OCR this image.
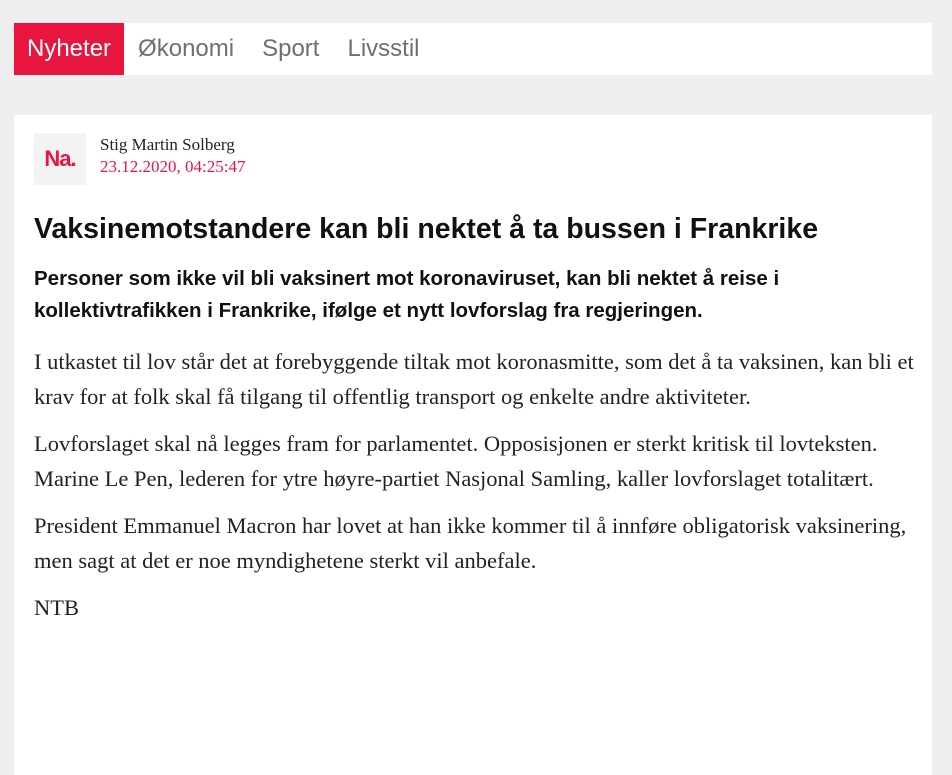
Nyheter	Økonomi	Sport	Livsstil
Na.
Stig Martin Solberg
23.12.2020, 04:25:47
Vaksinemotstandere kan bli nektet å ta bussen i Frankrike

Personer som ikke vil bli vaksinert mot koronaviruset, kan bli nektet å reise i kollektivtrafikken i Frankrike, ifølge et nytt lovforslag fra regjeringen.

I utkastet til lov står det at forebyggende tiltak mot koronasmitte, som det å ta vaksinen, kan bli et krav for at folk skal få tilgang til offentlig transport og enkelte andre aktiviteter.

Lovforslaget skal nå legges fram for parlamentet. Opposisjonen er sterkt kritisk til lovteksten. Marine Le Pen, lederen for ytre høyre-partiet Nasjonal Samling, kaller lovforslaget totalitært.

President Emmanuel Macron har lovet at han ikke kommer til å innføre obligatorisk vaksinering, men sagt at det er noe myndighetene sterkt vil anbefale.

NTB
